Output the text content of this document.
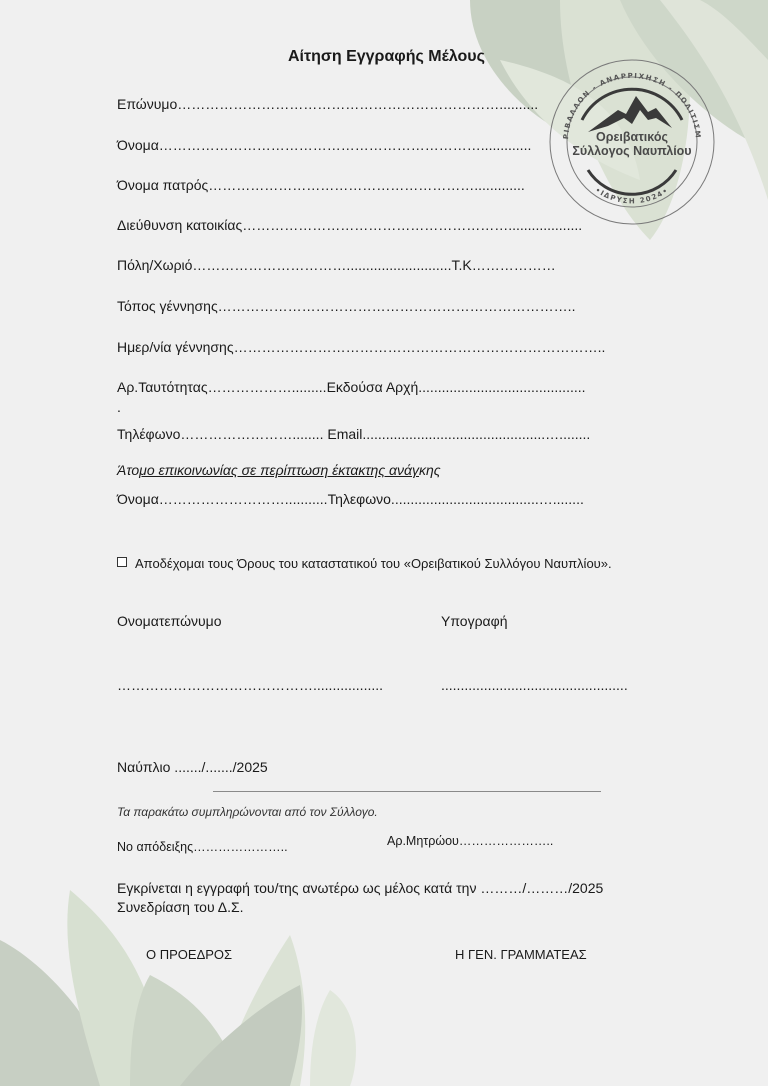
ΡΙΒΑΛΛΟΝ - ΑΝΑΡΡΙΧΗΣΗ - ΠΟΛΙΤΙΣΜ
•ΙΔΡΥΣΗ 2024•
Ορειβατικός
Σύλλογος Ναυπλίου
Αίτηση Εγγραφής Μέλους
Επώνυμο……………………………………………………………..........
Όνομα…………………………………………………………….............
Όνομα πατρός………………………………………………….............
Διεύθυνση κατοικίας…………………………………………………...................
Πόλη/Χωριό……………………………...........................Τ.Κ………………
Τόπος γέννησης…………………………………………………………………..
Ημερ/νία γέννησης……………………………………………………………………..
Αρ.Ταυτότητας……………….........Εκδούσα Αρχή...........................................
.
Τηλέφωνο……………………........ Email...............................................…........
Άτομο επικοινωνίας σε περίπτωση έκτακτης ανάγκης
Όνομα………………………...........Τηλεφωνο......................................…........
Αποδέχομαι τους Όρους του καταστατικού του «Ορειβατικού Συλλόγου Ναυπλίου».
Ονοματεπώνυμο	Υπογραφή
……………………………………..................	................................................
Ναύπλιο ......./......./2025
Τα παρακάτω συμπληρώνονται από τον Σύλλογο.
Νο απόδειξης…………………..	Αρ.Μητρώου…………………..
Εγκρίνεται η εγγραφή του/της ανωτέρω ως μέλος κατά την ………/………/2025
Συνεδρίαση του Δ.Σ.
Ο ΠΡΟΕΔΡΟΣ	Η ΓΕΝ. ΓΡΑΜΜΑΤΕΑΣ
